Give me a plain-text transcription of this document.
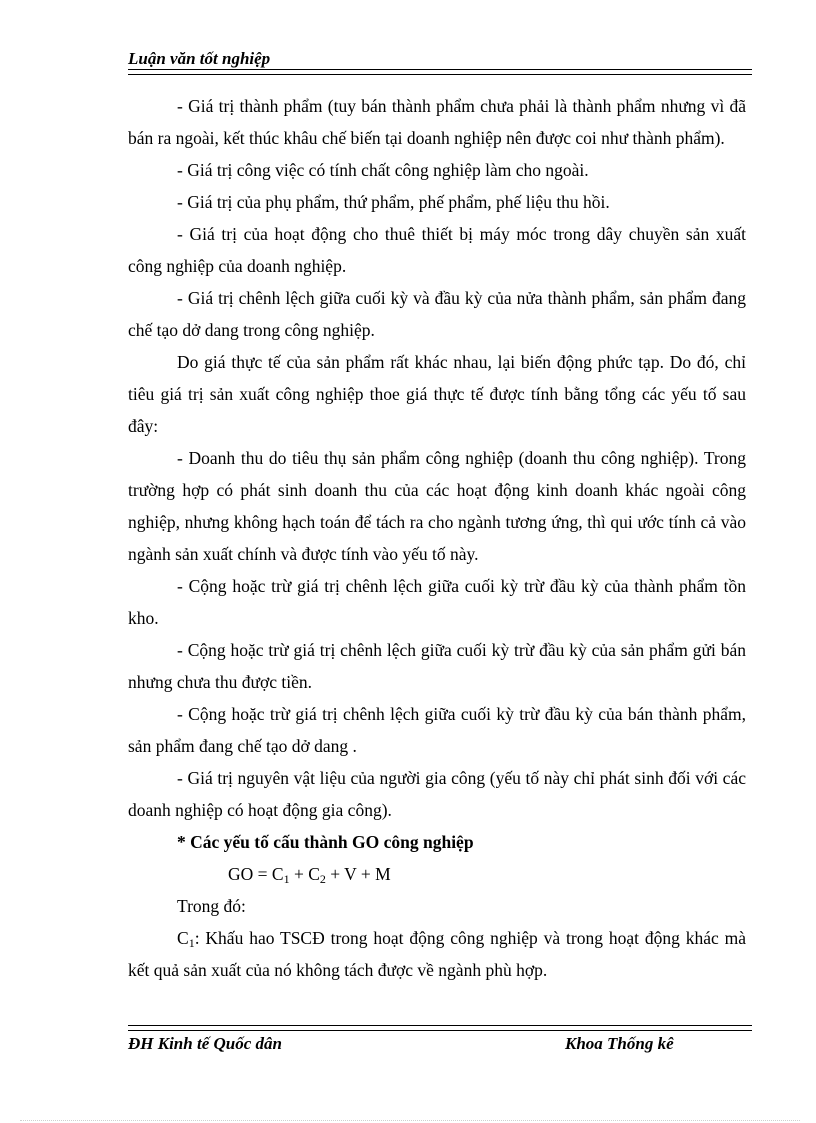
Luận văn tốt nghiệp

- Giá trị thành phẩm (tuy bán thành phẩm chưa phải là thành phẩm nhưng vì đã bán ra ngoài, kết thúc khâu chế biến tại doanh nghiệp nên được coi như thành phẩm).

- Giá trị công việc có tính chất công nghiệp làm cho ngoài.

- Giá trị của phụ phẩm, thứ phẩm, phế phẩm, phế liệu thu hồi.

- Giá trị của hoạt động cho thuê thiết bị máy móc trong dây chuyền sản xuất công nghiệp của doanh nghiệp.

- Giá trị chênh lệch giữa cuối kỳ và đầu kỳ của nửa thành phẩm, sản phẩm đang chế tạo dở dang trong công nghiệp.

Do giá thực tế của sản phẩm rất khác nhau, lại biến động phức tạp. Do đó, chỉ tiêu giá trị sản xuất công nghiệp thoe giá thực tế được tính bằng tổng các yếu tố sau đây:

- Doanh thu do tiêu thụ sản phẩm công nghiệp (doanh thu công nghiệp). Trong trường hợp có phát sinh doanh thu của các hoạt động kinh doanh khác ngoài công nghiệp, nhưng không hạch toán để tách ra cho ngành tương ứng, thì qui ước tính cả vào ngành sản xuất chính và được tính vào yếu tố này.

- Cộng hoặc trừ giá trị chênh lệch giữa cuối kỳ trừ đầu kỳ của thành phẩm tồn kho.

- Cộng hoặc trừ giá trị chênh lệch giữa cuối kỳ trừ đầu kỳ của sản phẩm gửi bán nhưng chưa thu được tiền.

- Cộng hoặc trừ giá trị chênh lệch giữa cuối kỳ trừ đầu kỳ của bán thành phẩm, sản phẩm đang chế tạo dở dang .

- Giá trị nguyên vật liệu của người gia công (yếu tố này chỉ phát sinh đối với các doanh nghiệp có hoạt động gia công).

* Các yếu tố cấu thành GO công nghiệp

GO = $C_1 + C_2 + V + M$

Trong đó:

$C_1$: Khấu hao TSCĐ trong hoạt động công nghiệp và trong hoạt động khác mà kết quả sản xuất của nó không tách được về ngành phù hợp.

ĐH Kinh tế Quốc dân	Khoa Thống kê
